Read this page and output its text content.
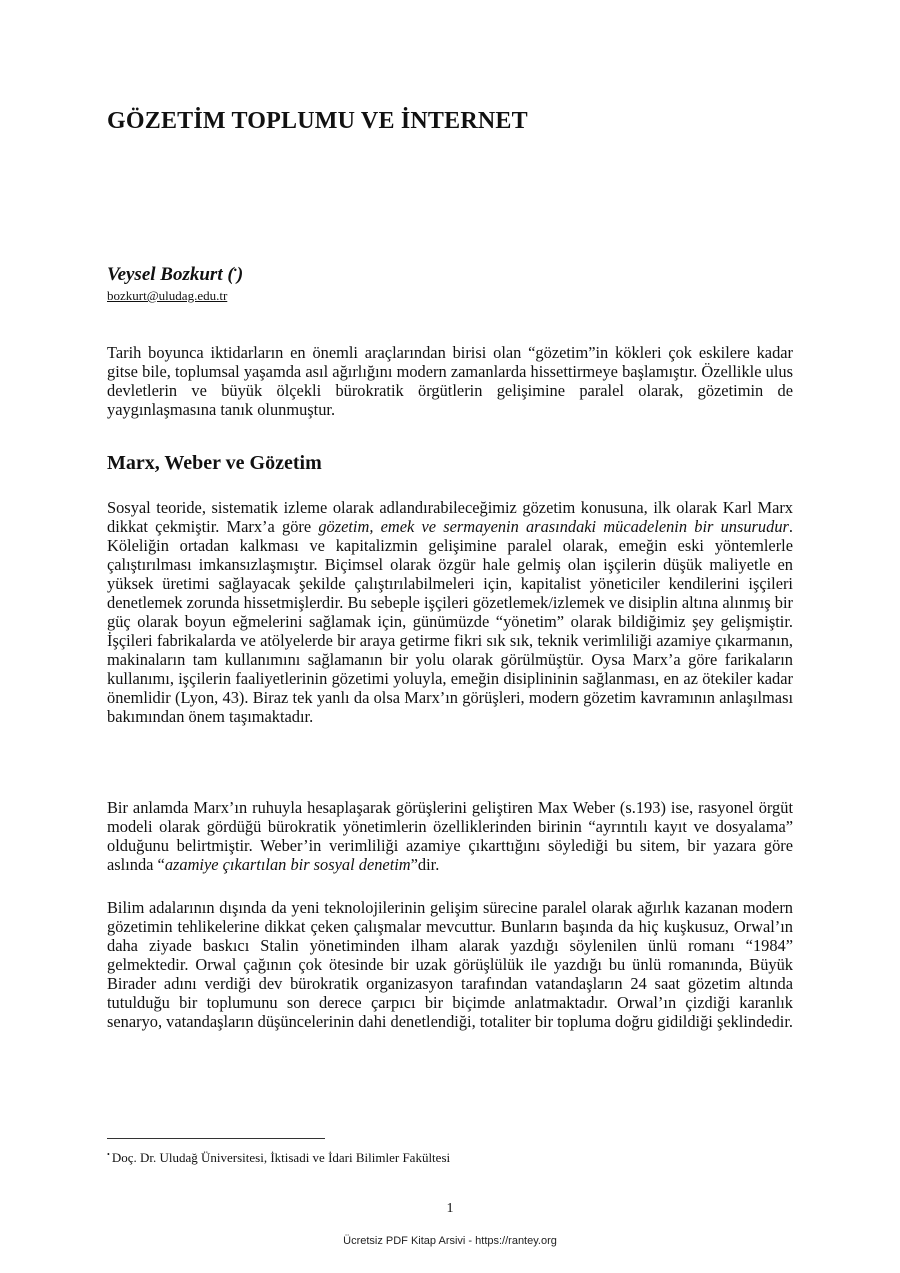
GÖZETİM TOPLUMU VE İNTERNET

Veysel Bozkurt (•)

bozkurt@uludag.edu.tr

Tarih boyunca iktidarların en önemli araçlarından birisi olan “gözetim”in kökleri çok eskilere kadar gitse bile, toplumsal yaşamda asıl ağırlığını modern zamanlarda hissettirmeye başlamıştır. Özellikle ulus devletlerin ve büyük ölçekli bürokratik örgütlerin gelişimine paralel olarak, gözetimin de yaygınlaşmasına tanık olunmuştur.

Marx, Weber ve Gözetim

Sosyal teoride, sistematik izleme olarak adlandırabileceğimiz gözetim konusuna, ilk olarak Karl Marx dikkat çekmiştir. Marx’a göre gözetim, emek ve sermayenin arasındaki mücadelenin bir unsurudur. Köleliğin ortadan kalkması ve kapitalizmin gelişimine paralel olarak, emeğin eski yöntemlerle çalıştırılması imkansızlaşmıştır. Biçimsel olarak özgür hale gelmiş olan işçilerin düşük maliyetle en yüksek üretimi sağlayacak şekilde çalıştırılabilmeleri için, kapitalist yöneticiler kendilerini işçileri denetlemek zorunda hissetmişlerdir. Bu sebeple işçileri gözetlemek/izlemek ve disiplin altına alınmış bir güç olarak boyun eğmelerini sağlamak için, günümüzde “yönetim” olarak bildiğimiz şey gelişmiştir. İşçileri fabrikalarda ve atölyelerde bir araya getirme fikri sık sık, teknik verimliliği azamiye çıkarmanın, makinaların tam kullanımını sağlamanın bir yolu olarak görülmüştür. Oysa Marx’a göre farikaların kullanımı, işçilerin faaliyetlerinin gözetimi yoluyla, emeğin disiplininin sağlanması, en az ötekiler kadar önemlidir (Lyon, 43). Biraz tek yanlı da olsa Marx’ın görüşleri, modern gözetim kavramının anlaşılması bakımından önem taşımaktadır.

Bir anlamda Marx’ın ruhuyla hesaplaşarak görüşlerini geliştiren Max Weber (s.193) ise, rasyonel örgüt modeli olarak gördüğü bürokratik yönetimlerin özelliklerinden birinin “ayrıntılı kayıt ve dosyalama” olduğunu belirtmiştir. Weber’in verimliliği azamiye çıkarttığını söylediği bu sitem, bir yazara göre aslında “azamiye çıkartılan bir sosyal denetim”dir.

Bilim adalarının dışında da yeni teknolojilerinin gelişim sürecine paralel olarak ağırlık kazanan modern gözetimin tehlikelerine dikkat çeken çalışmalar mevcuttur. Bunların başında da hiç kuşkusuz, Orwal’ın daha ziyade baskıcı Stalin yönetiminden ilham alarak yazdığı söylenilen ünlü romanı “1984” gelmektedir. Orwal çağının çok ötesinde bir uzak görüşlülük ile yazdığı bu ünlü romanında, Büyük Birader adını verdiği dev bürokratik organizasyon tarafından vatandaşların 24 saat gözetim altında tutulduğu bir toplumunu son derece çarpıcı bir biçimde anlatmaktadır. Orwal’ın çizdiği karanlık senaryo, vatandaşların düşüncelerinin dahi denetlendiği, totaliter bir topluma doğru gidildiği şeklindedir.

• Doç. Dr. Uludağ Üniversitesi, İktisadi ve İdari Bilimler Fakültesi
1
Ücretsiz PDF Kitap Arsivi - https://rantey.org
